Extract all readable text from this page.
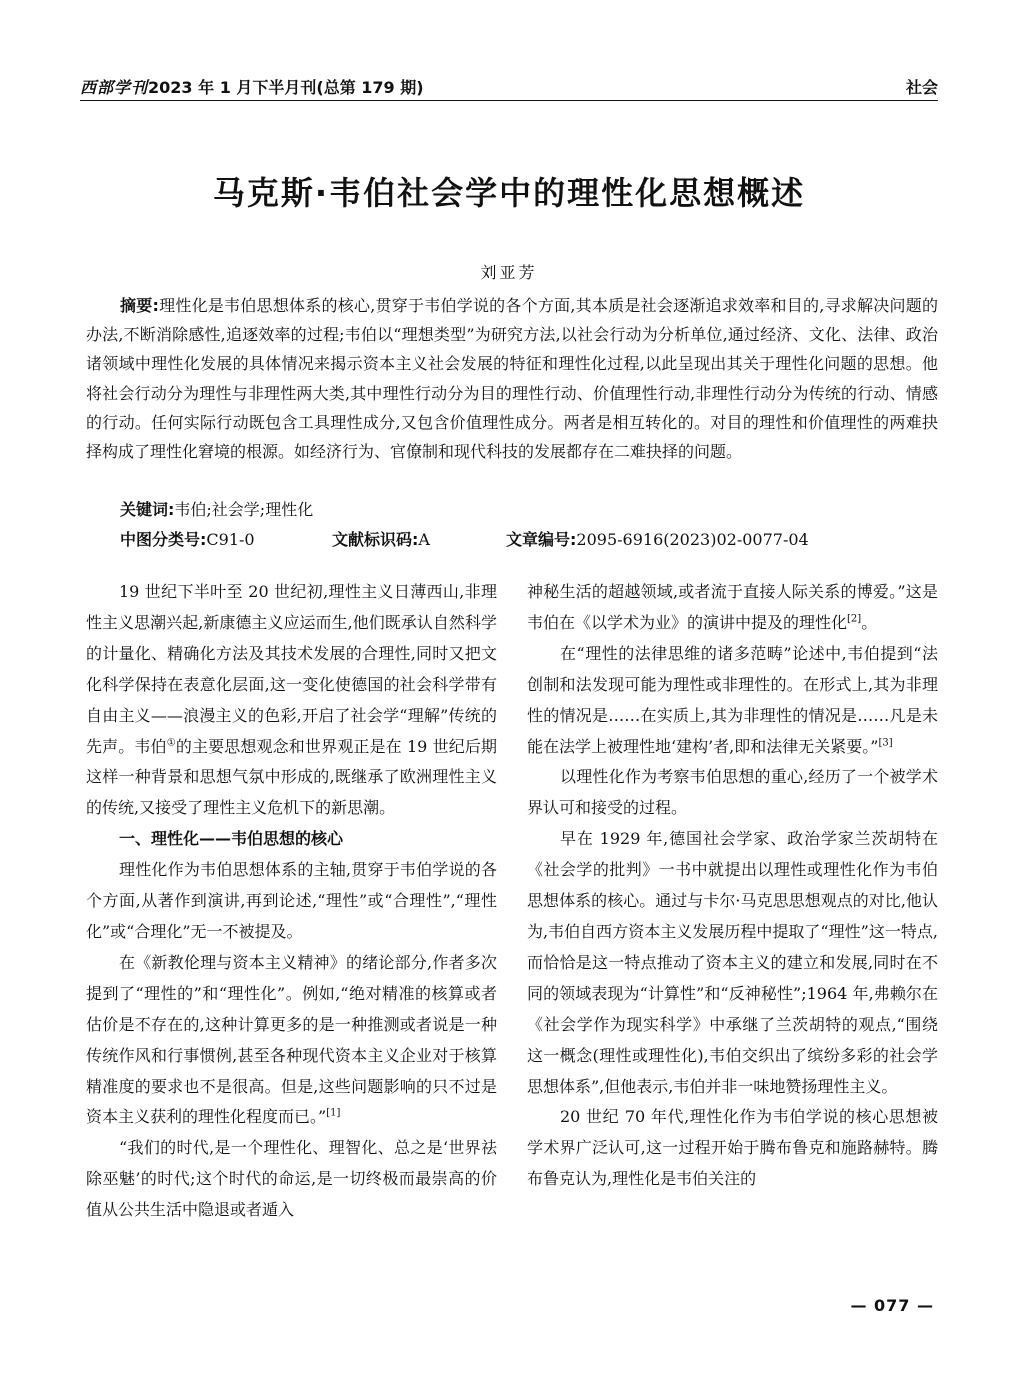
西部学刊2023 年 1 月下半月刊(总第 179 期)	社会
马克斯·韦伯社会学中的理性化思想概述
刘亚芳
摘要:理性化是韦伯思想体系的核心,贯穿于韦伯学说的各个方面,其本质是社会逐渐追求效率和目的,寻求解决问题的办法,不断消除感性,追逐效率的过程;韦伯以“理想类型”为研究方法,以社会行动为分析单位,通过经济、文化、法律、政治诸领域中理性化发展的具体情况来揭示资本主义社会发展的特征和理性化过程,以此呈现出其关于理性化问题的思想。他将社会行动分为理性与非理性两大类,其中理性行动分为目的理性行动、价值理性行动,非理性行动分为传统的行动、情感的行动。任何实际行动既包含工具理性成分,又包含价值理性成分。两者是相互转化的。对目的理性和价值理性的两难抉择构成了理性化窘境的根源。如经济行为、官僚制和现代科技的发展都存在二难抉择的问题。
关键词:韦伯;社会学;理性化
中图分类号:C91-0	文献标识码:A	文章编号:2095-6916(2023)02-0077-04

19 世纪下半叶至 20 世纪初,理性主义日薄西山,非理性主义思潮兴起,新康德主义应运而生,他们既承认自然科学的计量化、精确化方法及其技术发展的合理性,同时又把文化科学保持在表意化层面,这一变化使德国的社会科学带有自由主义——浪漫主义的色彩,开启了社会学“理解”传统的先声。韦伯①的主要思想观念和世界观正是在 19 世纪后期这样一种背景和思想气氛中形成的,既继承了欧洲理性主义的传统,又接受了理性主义危机下的新思潮。

一、理性化——韦伯思想的核心

理性化作为韦伯思想体系的主轴,贯穿于韦伯学说的各个方面,从著作到演讲,再到论述,“理性”或“合理性”,“理性化”或“合理化”无一不被提及。

在《新教伦理与资本主义精神》的绪论部分,作者多次提到了“理性的”和“理性化”。例如,“绝对精准的核算或者估价是不存在的,这种计算更多的是一种推测或者说是一种传统作风和行事惯例,甚至各种现代资本主义企业对于核算精准度的要求也不是很高。但是,这些问题影响的只不过是资本主义获利的理性化程度而已。”[1]

“我们的时代,是一个理性化、理智化、总之是‘世界祛除巫魅’的时代;这个时代的命运,是一切终极而最崇高的价值从公共生活中隐退或者遁入

神秘生活的超越领域,或者流于直接人际关系的博爱。”这是韦伯在《以学术为业》的演讲中提及的理性化[2]。

在“理性的法律思维的诸多范畴”论述中,韦伯提到“法创制和法发现可能为理性或非理性的。在形式上,其为非理性的情况是……在实质上,其为非理性的情况是……凡是未能在法学上被理性地‘建构’者,即和法律无关紧要。”[3]

以理性化作为考察韦伯思想的重心,经历了一个被学术界认可和接受的过程。

早在 1929 年,德国社会学家、政治学家兰茨胡特在《社会学的批判》一书中就提出以理性或理性化作为韦伯思想体系的核心。通过与卡尔·马克思思想观点的对比,他认为,韦伯自西方资本主义发展历程中提取了“理性”这一特点,而恰恰是这一特点推动了资本主义的建立和发展,同时在不同的领域表现为“计算性”和“反神秘性”;1964 年,弗赖尔在《社会学作为现实科学》中承继了兰茨胡特的观点,“围绕这一概念(理性或理性化),韦伯交织出了缤纷多彩的社会学思想体系”,但他表示,韦伯并非一味地赞扬理性主义。

20 世纪 70 年代,理性化作为韦伯学说的核心思想被学术界广泛认可,这一过程开始于腾布鲁克和施路赫特。腾布鲁克认为,理性化是韦伯关注的

— 077 —
